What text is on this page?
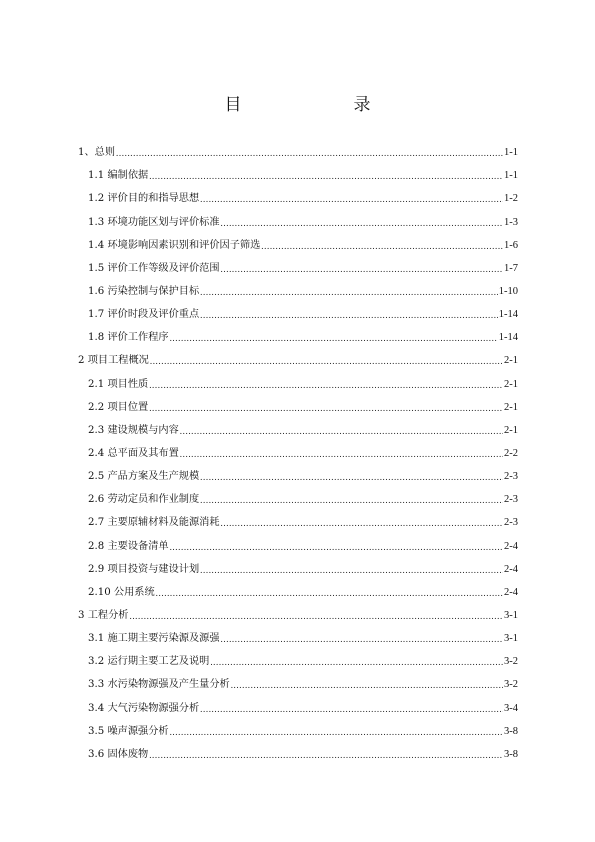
目　　录
1、总则 .....	1-1
1.1 编制依据 .....	1-1
1.2 评价目的和指导思想 .....	1-2
1.3 环境功能区划与评价标准 .....	1-3
1.4 环境影响因素识别和评价因子筛选 .....	1-6
1.5 评价工作等级及评价范围 .....	1-7
1.6 污染控制与保护目标 .....	1-10
1.7 评价时段及评价重点 .....	1-14
1.8 评价工作程序 .....	1-14
2 项目工程概况 .....	2-1
2.1 项目性质 .....	2-1
2.2 项目位置 .....	2-1
2.3 建设规模与内容 .....	2-1
2.4 总平面及其布置 .....	2-2
2.5 产品方案及生产规模 .....	2-3
2.6 劳动定员和作业制度 .....	2-3
2.7 主要原辅材料及能源消耗 .....	2-3
2.8 主要设备清单 .....	2-4
2.9 项目投资与建设计划 .....	2-4
2.10 公用系统 .....	2-4
3 工程分析 .....	3-1
3.1 施工期主要污染源及源强 .....	3-1
3.2 运行期主要工艺及说明 .....	3-2
3.3 水污染物源强及产生量分析 .....	3-2
3.4 大气污染物源强分析 .....	3-4
3.5 噪声源强分析 .....	3-8
3.6 固体废物 .....	3-8
